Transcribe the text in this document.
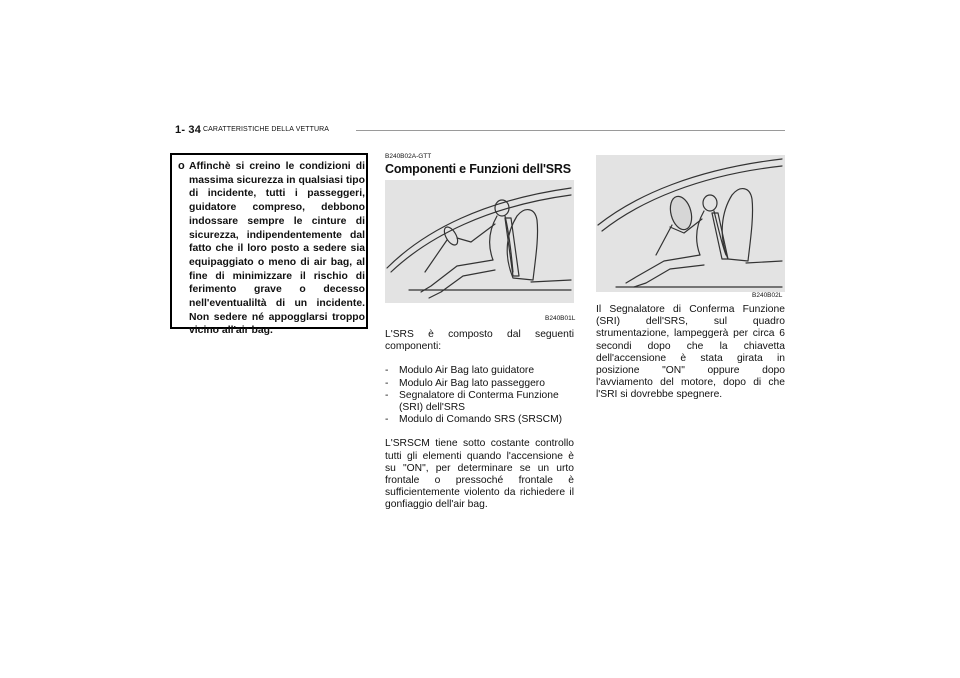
1- 34 CARATTERISTICHE DELLA VETTURA
o Affinchè si creino le condizioni di massima sicurezza in qualsiasi tipo di incidente, tutti i passeggeri, guidatore compreso, debbono indossare sempre le cinture di sicurezza, indipendentemente dal fatto che il loro posto a sedere sia equipaggiato o meno di air bag, al fine di minimizzare il rischio di ferimento grave o decesso nell'eventualiltà di un incidente. Non sedere né appogglarsi troppo vicino all'air bag.
B240B02A-GTT
Componenti e Funzioni dell'SRS
B240B01L
B240B02L

L'SRS è composto dal seguenti componenti:

- Modulo Air Bag lato guidatore
- Modulo Air Bag lato passeggero
- Segnalatore di Conterma Funzione (SRI) dell'SRS
- Modulo di Comando SRS (SRSCM)

L'SRSCM tiene sotto costante controllo tutti gli elementi quando l'accensione è su "ON", per determinare se un urto frontale o pressoché frontale è sufficientemente violento da richiedere il gonfiaggio dell'air bag.

Il Segnalatore di Conferma Funzione (SRI) dell'SRS, sul quadro strumentazione, lampeggerà per circa 6 secondi dopo che la chiavetta dell'accensione è stata girata in posizione "ON" oppure dopo l'avviamento del motore, dopo di che l'SRI si dovrebbe spegnere.
